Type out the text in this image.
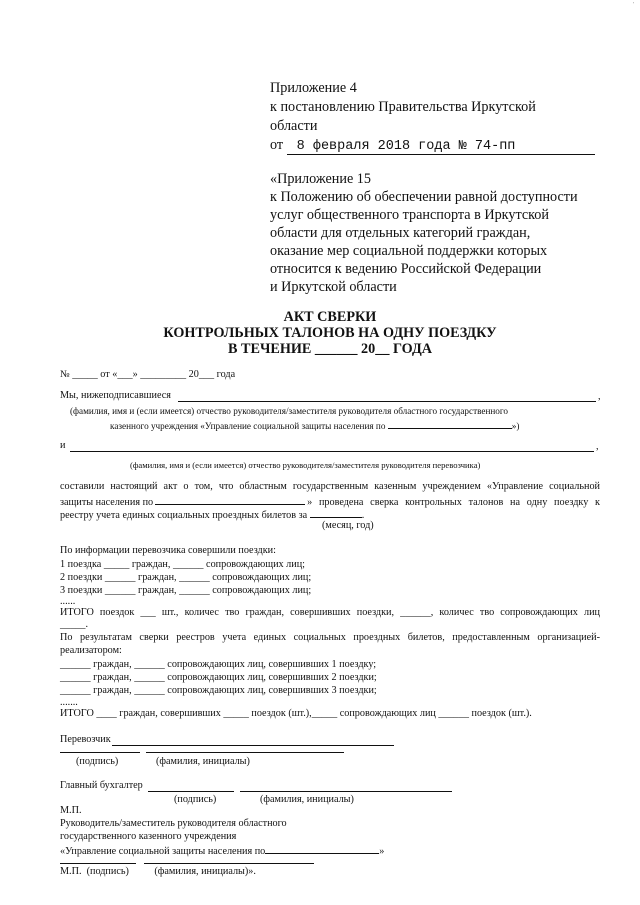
'
Приложение 4
к постановлению Правительства Иркутской
области
от 8 февраля 2018 года № 74-пп
«Приложение 15
к Положению об обеспечении равной доступности
услуг общественного транспорта в Иркутской
области для отдельных категорий граждан,
оказание мер социальной поддержки которых
относится к ведению Российской Федерации
и Иркутской области
АКТ СВЕРКИ
КОНТРОЛЬНЫХ ТАЛОНОВ НА ОДНУ ПОЕЗДКУ
В ТЕЧЕНИЕ ______ 20__ ГОДА
№ _____ от «___» _________ 20___ года
Мы, нижеподписавшиеся	,
(фамилия, имя и (если имеется) отчество руководителя/заместителя руководителя областного государственного
казенного учреждения «Управление социальной защиты населения по	»)
и	,
(фамилия, имя и (если имеется) отчество руководителя/заместителя руководителя перевозчика)
составили настоящий акт о том, что областным государственным казенным учреждением «Управление социальной
защиты населения по	» проведена сверка контрольных талонов на одну поездку к
реестру учета единых социальных проездных билетов за	.
(месяц, год)
По информации перевозчика совершили поездки:
1 поездка _____ граждан, ______ сопровождающих лиц;
2 поездки ______ граждан, ______ сопровождающих лиц;
3 поездки ______ граждан, ______ сопровождающих лиц;
......
ИТОГО поездок ___ шт., количес тво граждан, совершивших поездки, ______, количес тво сопровождающих лиц
_____.
По результатам сверки реестров учета единых социальных проездных билетов, предоставленным организацией-
реализатором:
______ граждан, ______ сопровождающих лиц, совершивших 1 поездку;
______ граждан, ______ сопровождающих лиц, совершивших 2 поездки;
______ граждан, ______ сопровождающих лиц, совершивших 3 поездки;
.......
ИТОГО ____ граждан, совершивших _____ поездок (шт.),_____ сопровождающих лиц ______ поездок (шт.).
Перевозчик
(подпись)	(фамилия, инициалы)
Главный бухгалтер
(подпись)	(фамилия, инициалы)
М.П.
Руководитель/заместитель руководителя областного
государственного казенного учреждения
«Управление социальной защиты населения по	»
М.П.  (подпись)          (фамилия, инициалы)».
